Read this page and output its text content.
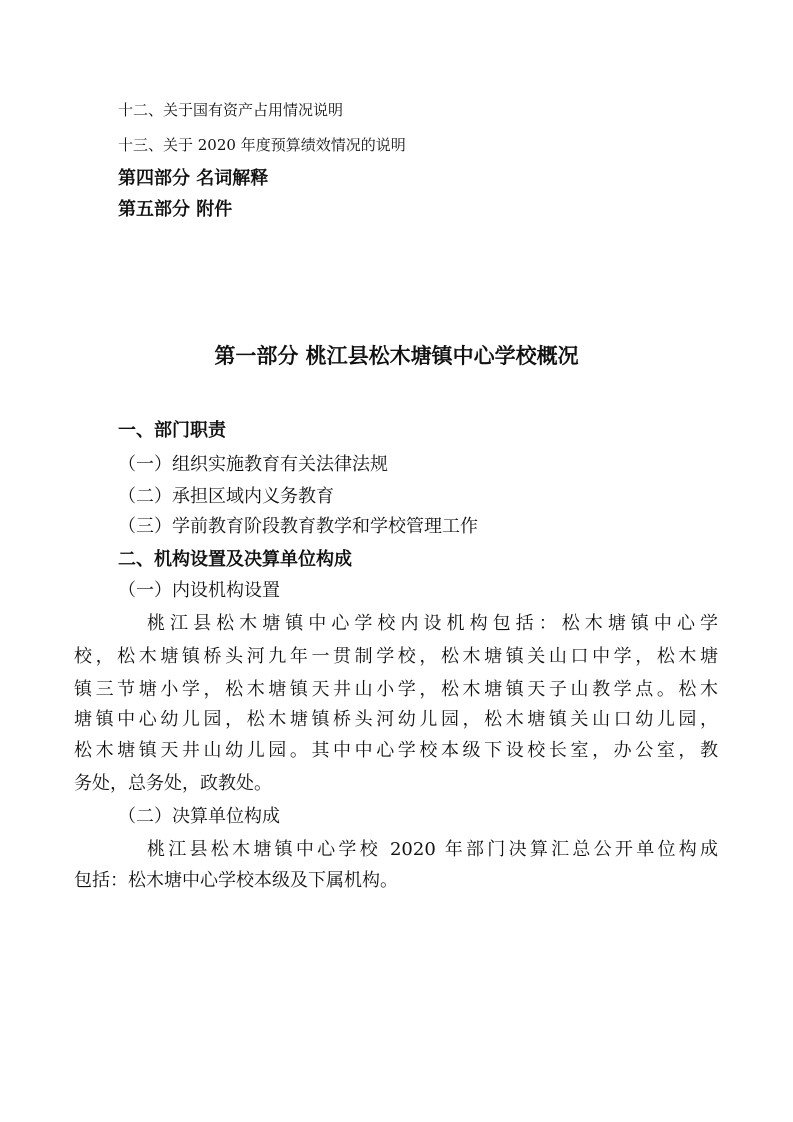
十二、关于国有资产占用情况说明
十三、关于 2020 年度预算绩效情况的说明
第四部分 名词解释
第五部分 附件
第一部分 桃江县松木塘镇中心学校概况
一、部门职责
（一）组织实施教育有关法律法规
（二）承担区域内义务教育
（三）学前教育阶段教育教学和学校管理工作
二、机构设置及决算单位构成
（一）内设机构设置
桃江县松木塘镇中心学校内设机构包括：松木塘镇中心学
校，松木塘镇桥头河九年一贯制学校，松木塘镇关山口中学，松木塘
镇三节塘小学，松木塘镇天井山小学，松木塘镇天子山教学点。松木
塘镇中心幼儿园，松木塘镇桥头河幼儿园，松木塘镇关山口幼儿园，
松木塘镇天井山幼儿园。其中中心学校本级下设校长室，办公室，教
务处，总务处，政教处。
（二）决算单位构成
桃江县松木塘镇中心学校 2020 年部门决算汇总公开单位构成
包括：松木塘中心学校本级及下属机构。
